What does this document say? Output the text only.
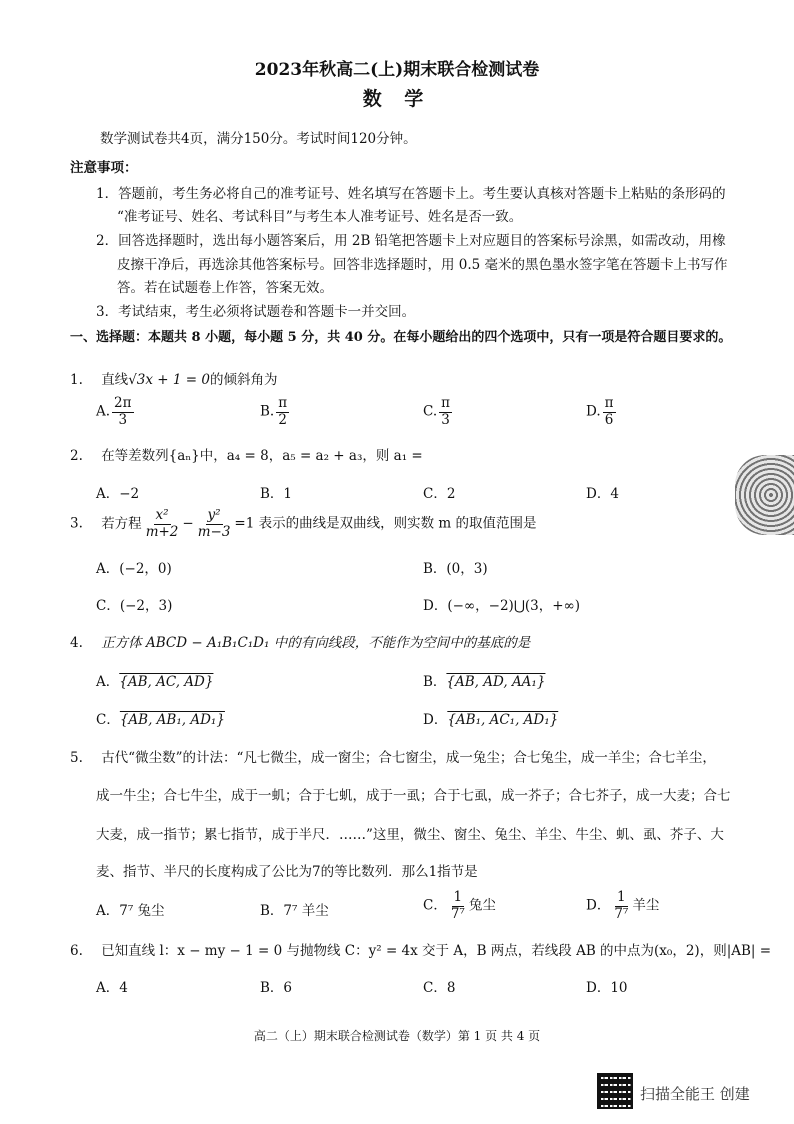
2023年秋高二(上)期末联合检测试卷
数 学
数学测试卷共4页，满分150分。考试时间120分钟。
注意事项：
1．答题前，考生务必将自己的准考证号、姓名填写在答题卡上。考生要认真核对答题卡上粘贴的条形码的
“准考证号、姓名、考试科目”与考生本人准考证号、姓名是否一致。
2．回答选择题时，选出每小题答案后，用 2B 铅笔把答题卡上对应题目的答案标号涂黑，如需改动，用橡
皮擦干净后，再选涂其他答案标号。回答非选择题时，用 0.5 毫米的黑色墨水签字笔在答题卡上书写作
答。若在试题卷上作答，答案无效。
3．考试结束，考生必须将试题卷和答题卡一并交回。
一、选择题：本题共 8 小题，每小题 5 分，共 40 分。在每小题给出的四个选项中，只有一项是符合题目要求的。
1. 直线√3x + 1 = 0的倾斜角为
A. $\frac{2\pi}{3}$	B. $\frac{\pi}{2}$	C. $\frac{\pi}{3}$	D. $\frac{\pi}{6}$
2. 在等差数列{aₙ}中，a₄ = 8，a₅ = a₂ + a₃，则 a₁ =
A．−2	B．1	C．2	D．4
3. 若方程 $\frac{\text{x²}}{m+2} - \frac{\text{y²}}{m-3} =1$ 表示的曲线是双曲线，则实数 m 的取值范围是
A．(−2，0)	B．(0，3)
C．(−2，3)	D．(−∞，−2)⋃(3，+∞)
4. 正方体 ABCD − A₁B₁C₁D₁ 中的有向线段，不能作为空间中的基底的是
A．{AB, AC, AD}	B．{AB, AD, AA₁}
C．{AB, AB₁, AD₁}	D．{AB₁, AC₁, AD₁}
5. 古代“微尘数”的计法：“凡七微尘，成一窗尘；合七窗尘，成一兔尘；合七兔尘，成一羊尘；合七羊尘，
成一牛尘；合七牛尘，成于一虮；合于七虮，成于一虱；合于七虱，成一芥子；合七芥子，成一大麦；合七
大麦，成一指节；累七指节，成于半尺．……”这里，微尘、窗尘、兔尘、羊尘、牛尘、虮、虱、芥子、大
麦、指节、半尺的长度构成了公比为7的等比数列．那么1指节是
A．7⁷ 兔尘	B．7⁷ 羊尘	C． $\frac{1}{\text{7⁷}}$ 兔尘	D． $\frac{1}{\text{7⁷}}$ 羊尘
6. 已知直线 l：x − my − 1 = 0 与抛物线 C：y² = 4x 交于 A，B 两点，若线段 AB 的中点为(x₀，2)，则|AB| =
A．4	B．6	C．8	D．10
高二（上）期末联合检测试卷（数学）第 1 页 共 4 页
扫描全能王 创建
